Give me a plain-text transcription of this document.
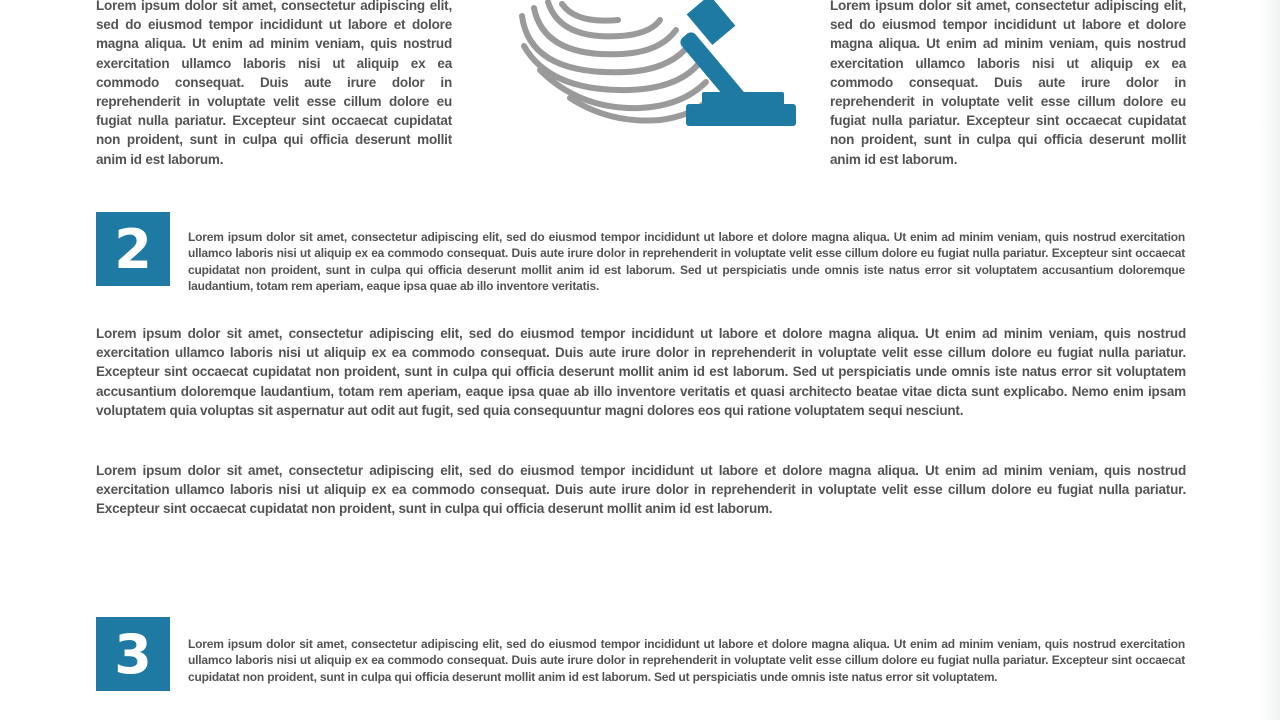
Lorem ipsum dolor sit amet, consectetur adipiscing elit, sed do eiusmod tempor incididunt ut labore et dolore magna aliqua. Ut enim ad minim veniam, quis nostrud exercitation ullamco laboris nisi ut aliquip ex ea commodo consequat. Duis aute irure dolor in reprehenderit in voluptate velit esse cillum dolore eu fugiat nulla pariatur. Excepteur sint occaecat cupidatat non proident, sunt in culpa qui officia deserunt mollit anim id est laborum.

Lorem ipsum dolor sit amet, consectetur adipiscing elit, sed do eiusmod tempor incididunt ut labore et dolore magna aliqua. Ut enim ad minim veniam, quis nostrud exercitation ullamco laboris nisi ut aliquip ex ea commodo consequat. Duis aute irure dolor in reprehenderit in voluptate velit esse cillum dolore eu fugiat nulla pariatur. Excepteur sint occaecat cupidatat non proident, sunt in culpa qui officia deserunt mollit anim id est laborum.

2	Lorem ipsum dolor sit amet, consectetur adipiscing elit, sed do eiusmod tempor incididunt ut labore et dolore magna aliqua. Ut enim ad minim veniam, quis nostrud exercitation ullamco laboris nisi ut aliquip ex ea commodo consequat. Duis aute irure dolor in reprehenderit in voluptate velit esse cillum dolore eu fugiat nulla pariatur. Excepteur sint occaecat cupidatat non proident, sunt in culpa qui officia deserunt mollit anim id est laborum. Sed ut perspiciatis unde omnis iste natus error sit voluptatem accusantium doloremque laudantium, totam rem aperiam, eaque ipsa quae ab illo inventore veritatis.

Lorem ipsum dolor sit amet, consectetur adipiscing elit, sed do eiusmod tempor incididunt ut labore et dolore magna aliqua. Ut enim ad minim veniam, quis nostrud exercitation ullamco laboris nisi ut aliquip ex ea commodo consequat. Duis aute irure dolor in reprehenderit in voluptate velit esse cillum dolore eu fugiat nulla pariatur. Excepteur sint occaecat cupidatat non proident, sunt in culpa qui officia deserunt mollit anim id est laborum. Sed ut perspiciatis unde omnis iste natus error sit voluptatem accusantium doloremque laudantium, totam rem aperiam, eaque ipsa quae ab illo inventore veritatis et quasi architecto beatae vitae dicta sunt explicabo. Nemo enim ipsam voluptatem quia voluptas sit aspernatur aut odit aut fugit, sed quia consequuntur magni dolores eos qui ratione voluptatem sequi nesciunt.

Lorem ipsum dolor sit amet, consectetur adipiscing elit, sed do eiusmod tempor incididunt ut labore et dolore magna aliqua. Ut enim ad minim veniam, quis nostrud exercitation ullamco laboris nisi ut aliquip ex ea commodo consequat. Duis aute irure dolor in reprehenderit in voluptate velit esse cillum dolore eu fugiat nulla pariatur. Excepteur sint occaecat cupidatat non proident, sunt in culpa qui officia deserunt mollit anim id est laborum.

3	Lorem ipsum dolor sit amet, consectetur adipiscing elit, sed do eiusmod tempor incididunt ut labore et dolore magna aliqua. Ut enim ad minim veniam, quis nostrud exercitation ullamco laboris nisi ut aliquip ex ea commodo consequat. Duis aute irure dolor in reprehenderit in voluptate velit esse cillum dolore eu fugiat nulla pariatur. Excepteur sint occaecat cupidatat non proident, sunt in culpa qui officia deserunt mollit anim id est laborum. Sed ut perspiciatis unde omnis iste natus error sit voluptatem.
